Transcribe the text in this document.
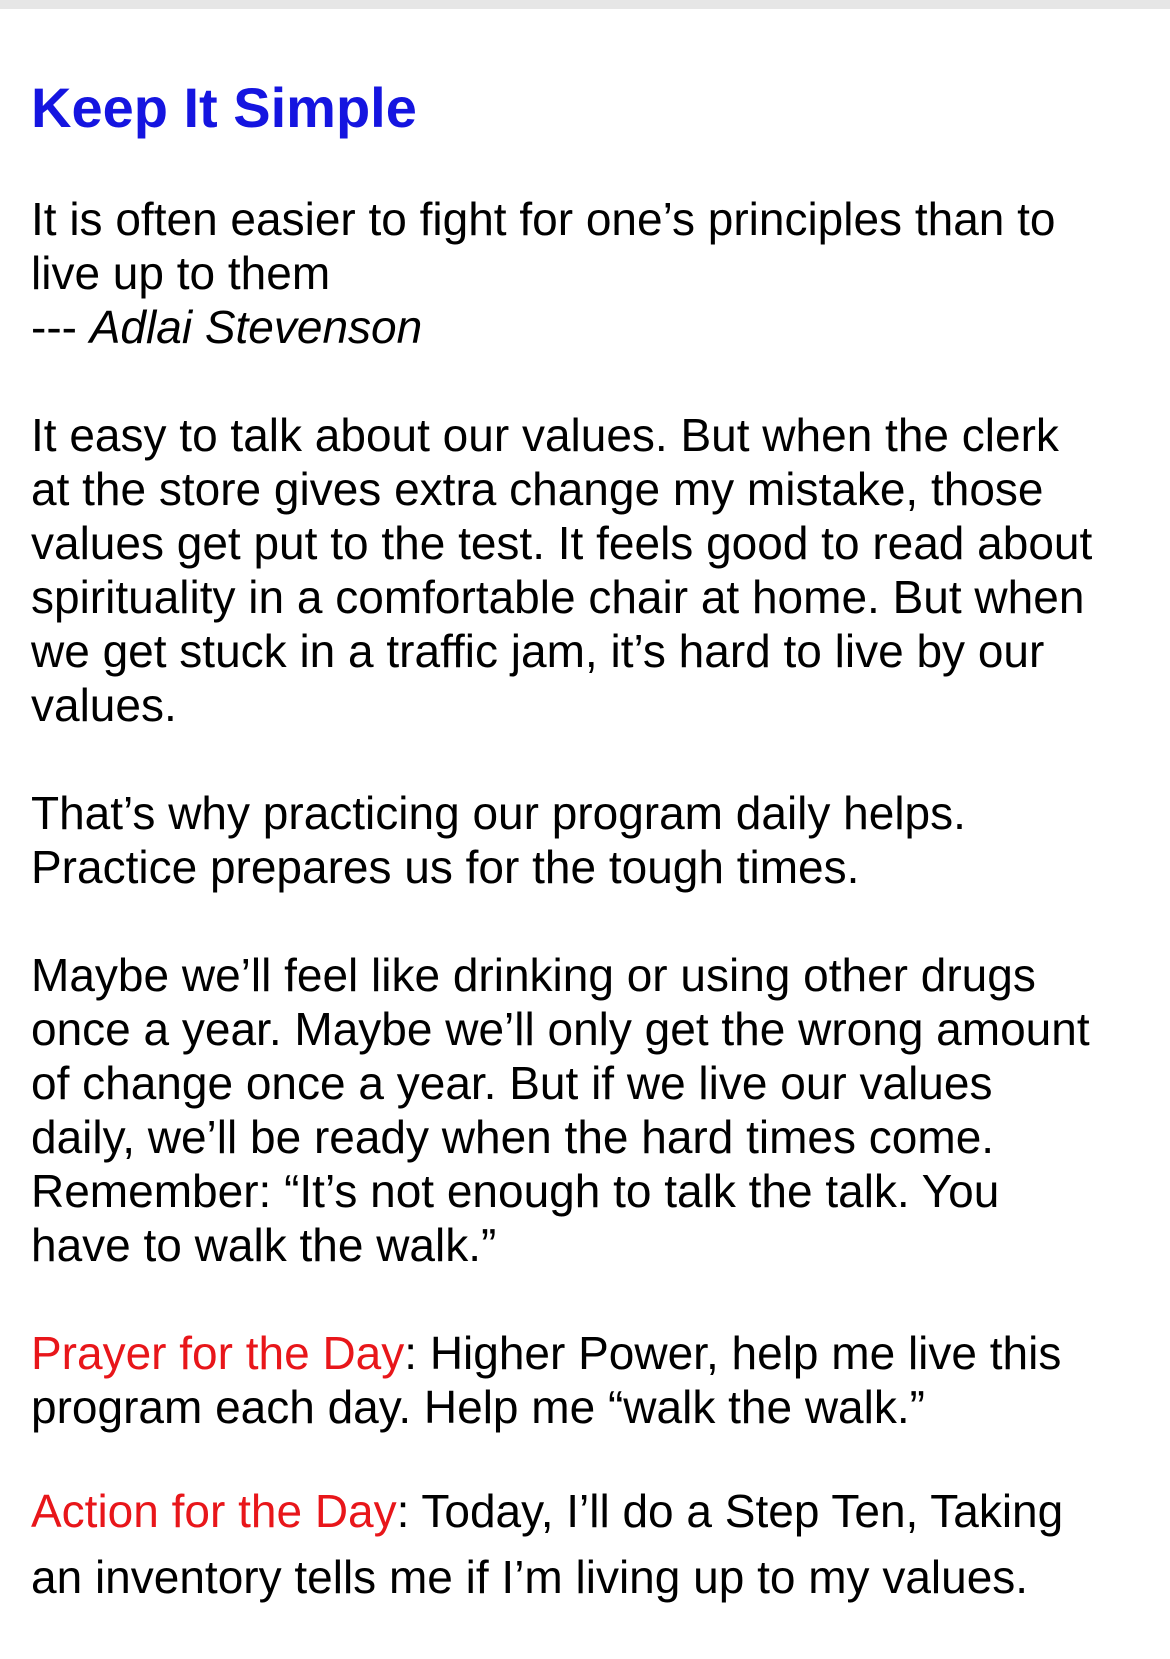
Keep It Simple
It is often easier to fight for one’s principles than to
live up to them
--- Adlai Stevenson

It easy to talk about our values. But when the clerk
at the store gives extra change my mistake, those
values get put to the test. It feels good to read about
spirituality in a comfortable chair at home. But when
we get stuck in a traffic jam, it’s hard to live by our
values.

That’s why practicing our program daily helps.
Practice prepares us for the tough times.

Maybe we’ll feel like drinking or using other drugs
once a year. Maybe we’ll only get the wrong amount
of change once a year. But if we live our values
daily, we’ll be ready when the hard times come.
Remember: “It’s not enough to talk the talk. You
have to walk the walk.”

Prayer for the Day: Higher Power, help me live this
program each day. Help me “walk the walk.”

Action for the Day: Today, I’ll do a Step Ten, Taking
an inventory tells me if I’m living up to my values.
